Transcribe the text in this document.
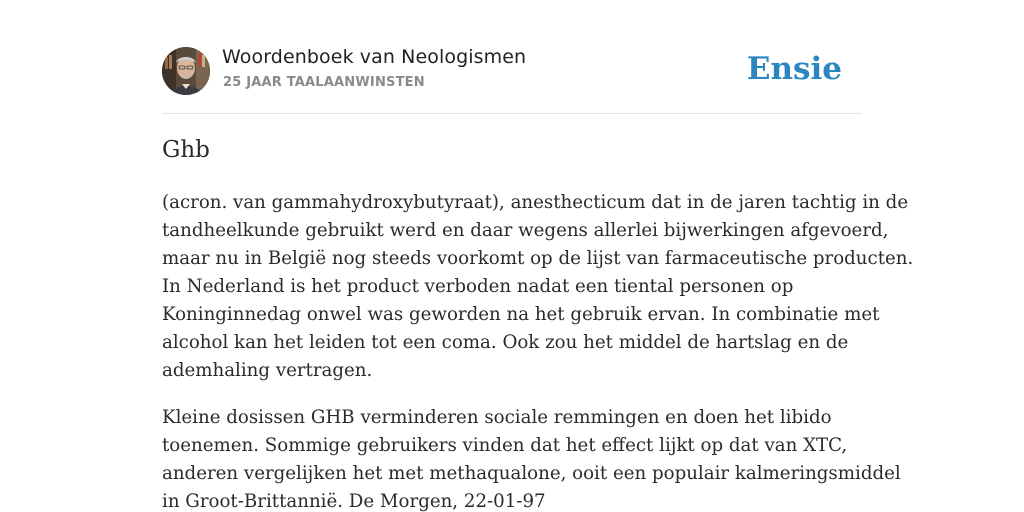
Woordenboek van Neologismen
25 JAAR TAALAANWINSTEN	Ensie
Ghb

(acron. van gammahydroxybutyraat), anesthecticum dat in de jaren tachtig in de
tandheelkunde gebruikt werd en daar wegens allerlei bijwerkingen afgevoerd,
maar nu in België nog steeds voorkomt op de lijst van farmaceutische producten.
In Nederland is het product verboden nadat een tiental personen op
Koninginnedag onwel was geworden na het gebruik ervan. In combinatie met
alcohol kan het leiden tot een coma. Ook zou het middel de hartslag en de
ademhaling vertragen.

Kleine dosissen GHB verminderen sociale remmingen en doen het libido
toenemen. Sommige gebruikers vinden dat het effect lijkt op dat van XTC,
anderen vergelijken het met methaqualone, ooit een populair kalmeringsmiddel
in Groot-Brittannië. De Morgen, 22-01-97
